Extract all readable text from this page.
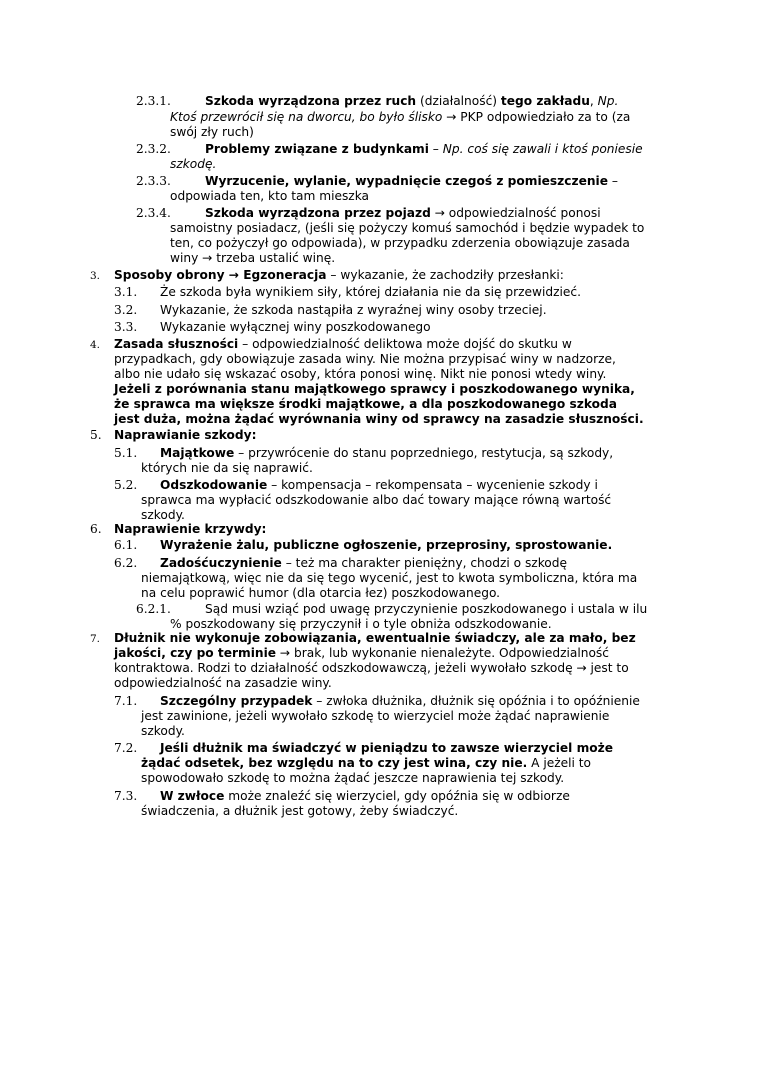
2.3.1.	Szkoda wyrządzona przez ruch (działalność) tego zakładu, Np.
Ktoś przewrócił się na dworcu, bo było ślisko → PKP odpowiedziało za to (za
swój zły ruch)
2.3.2.	Problemy związane z budynkami – Np. coś się zawali i ktoś poniesie
szkodę.
2.3.3.	Wyrzucenie, wylanie, wypadnięcie czegoś z pomieszczenie –
odpowiada ten, kto tam mieszka
2.3.4.	Szkoda wyrządzona przez pojazd → odpowiedzialność ponosi
samoistny posiadacz, (jeśli się pożyczy komuś samochód i będzie wypadek to
ten, co pożyczył go odpowiada), w przypadku zderzenia obowiązuje zasada
winy → trzeba ustalić winę.
3. Sposoby obrony → Egzoneracja – wykazanie, że zachodziły przesłanki:
3.1. Że szkoda była wynikiem siły, której działania nie da się przewidzieć.
3.2. Wykazanie, że szkoda nastąpiła z wyraźnej winy osoby trzeciej.
3.3. Wykazanie wyłącznej winy poszkodowanego
4. Zasada słuszności – odpowiedzialność deliktowa może dojść do skutku w
przypadkach, gdy obowiązuje zasada winy. Nie można przypisać winy w nadzorze,
albo nie udało się wskazać osoby, która ponosi winę. Nikt nie ponosi wtedy winy.
Jeżeli z porównania stanu majątkowego sprawcy i poszkodowanego wynika,
że sprawca ma większe środki majątkowe, a dla poszkodowanego szkoda
jest duża, można żądać wyrównania winy od sprawcy na zasadzie słuszności.
5. Naprawianie szkody:
5.1. Majątkowe – przywrócenie do stanu poprzedniego, restytucja, są szkody,
których nie da się naprawić.
5.2. Odszkodowanie – kompensacja – rekompensata – wycenienie szkody i
sprawca ma wypłacić odszkodowanie albo dać towary mające równą wartość
szkody.
6. Naprawienie krzywdy:
6.1. Wyrażenie żalu, publiczne ogłoszenie, przeprosiny, sprostowanie.
6.2. Zadośćuczynienie – też ma charakter pieniężny, chodzi o szkodę
niemajątkową, więc nie da się tego wycenić, jest to kwota symboliczna, która ma
na celu poprawić humor (dla otarcia łez) poszkodowanego.
6.2.1.	Sąd musi wziąć pod uwagę przyczynienie poszkodowanego i ustala w ilu
% poszkodowany się przyczynił i o tyle obniża odszkodowanie.
7. Dłużnik nie wykonuje zobowiązania, ewentualnie świadczy, ale za mało, bez
jakości, czy po terminie → brak, lub wykonanie nienależyte. Odpowiedzialność
kontraktowa. Rodzi to działalność odszkodowawczą, jeżeli wywołało szkodę → jest to
odpowiedzialność na zasadzie winy.
7.1. Szczególny przypadek – zwłoka dłużnika, dłużnik się opóźnia i to opóźnienie
jest zawinione, jeżeli wywołało szkodę to wierzyciel może żądać naprawienie
szkody.
7.2. Jeśli dłużnik ma świadczyć w pieniądzu to zawsze wierzyciel może
żądać odsetek, bez względu na to czy jest wina, czy nie. A jeżeli to
spowodowało szkodę to można żądać jeszcze naprawienia tej szkody.
7.3. W zwłoce może znaleźć się wierzyciel, gdy opóźnia się w odbiorze
świadczenia, a dłużnik jest gotowy, żeby świadczyć.
